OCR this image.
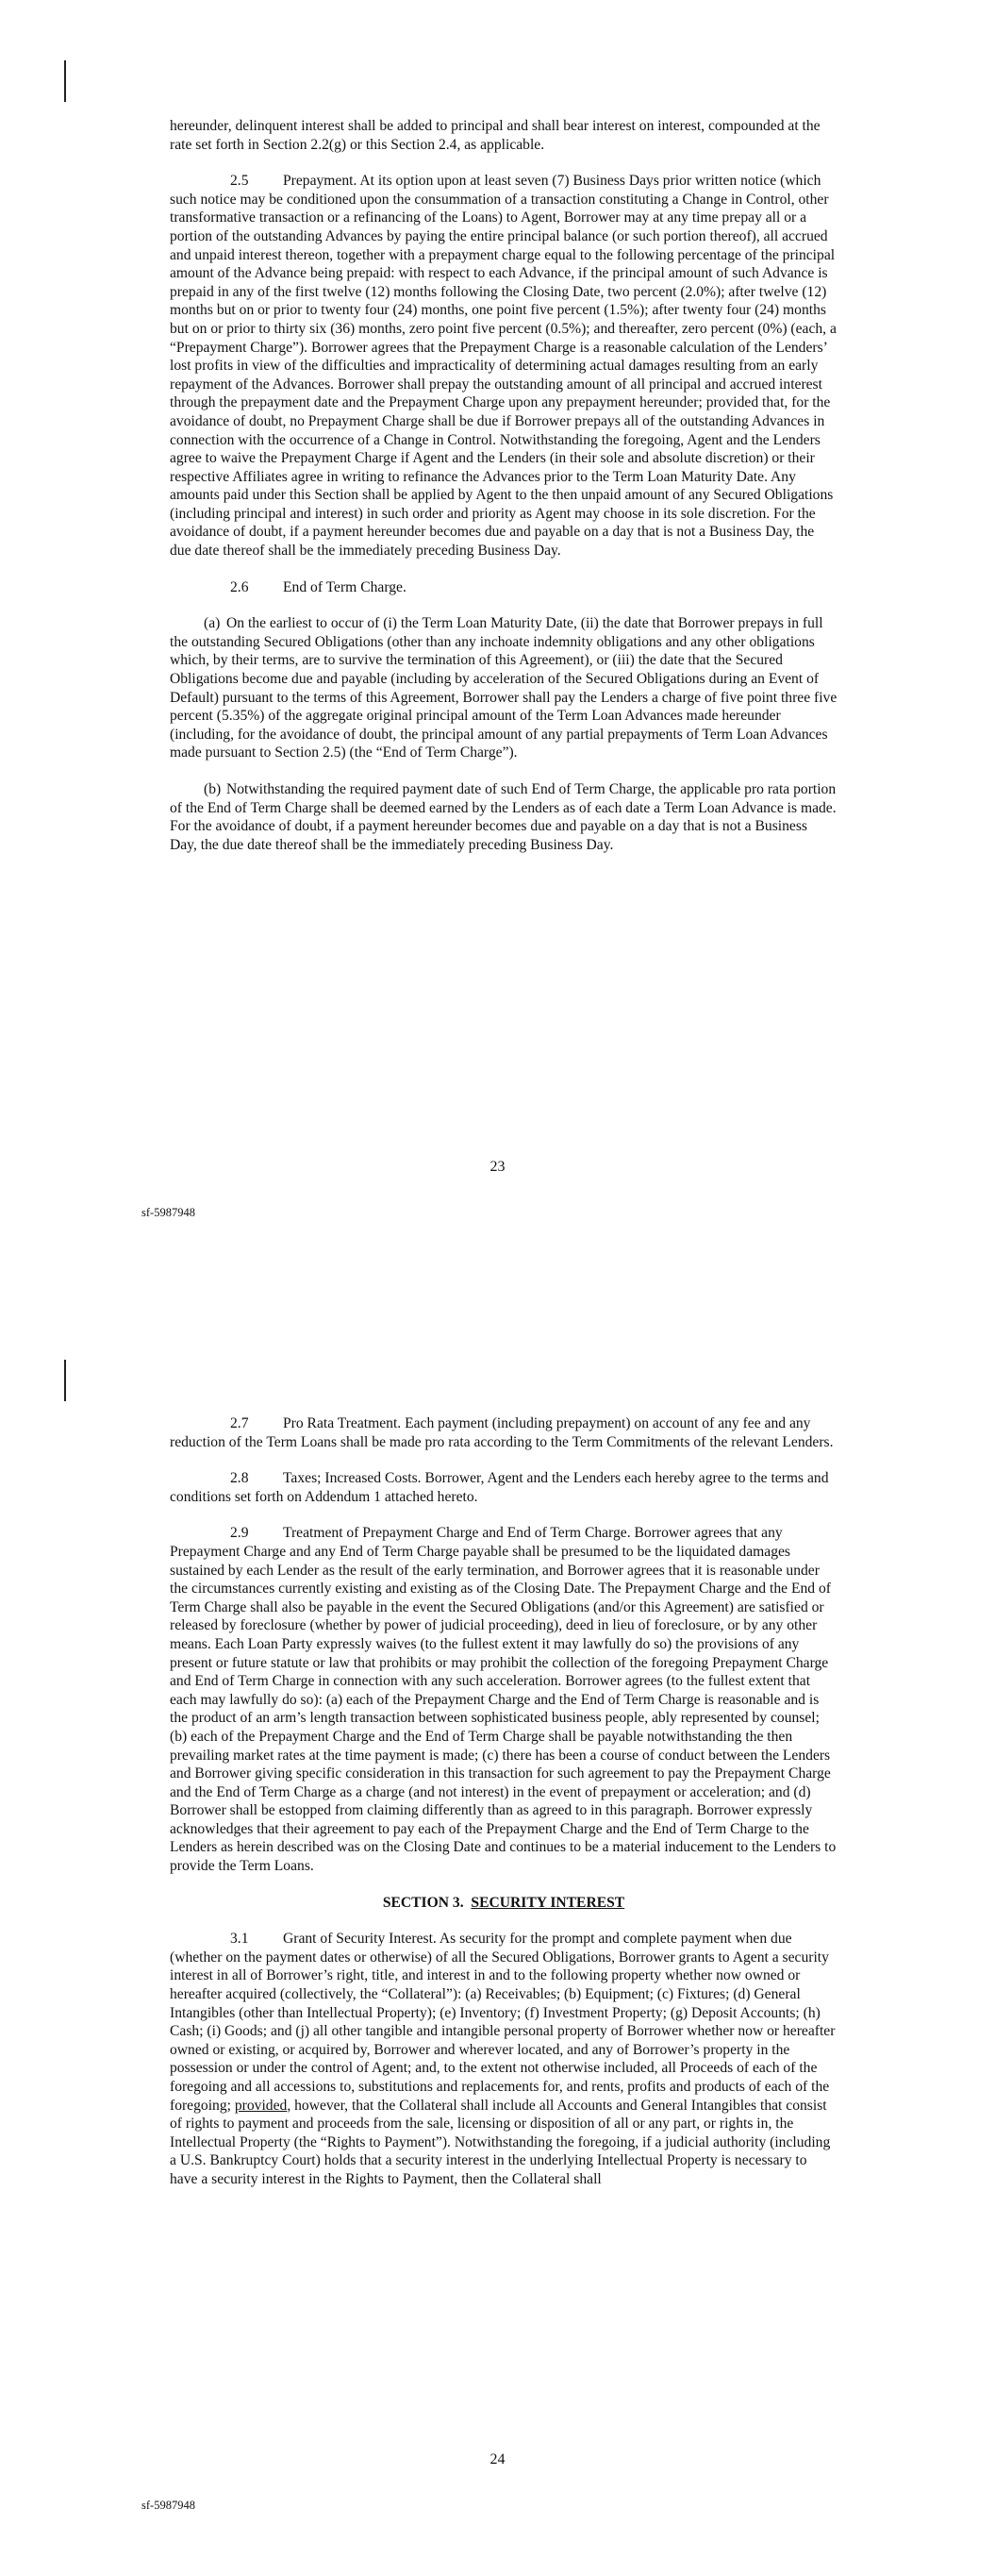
hereunder, delinquent interest shall be added to principal and shall bear interest on interest, compounded at the rate set forth in Section 2.2(g) or this Section 2.4, as applicable.

2.5 Prepayment. At its option upon at least seven (7) Business Days prior written notice (which such notice may be conditioned upon the consummation of a transaction constituting a Change in Control, other transformative transaction or a refinancing of the Loans) to Agent, Borrower may at any time prepay all or a portion of the outstanding Advances by paying the entire principal balance (or such portion thereof), all accrued and unpaid interest thereon, together with a prepayment charge equal to the following percentage of the principal amount of the Advance being prepaid: with respect to each Advance, if the principal amount of such Advance is prepaid in any of the first twelve (12) months following the Closing Date, two percent (2.0%); after twelve (12) months but on or prior to twenty four (24) months, one point five percent (1.5%); after twenty four (24) months but on or prior to thirty six (36) months, zero point five percent (0.5%); and thereafter, zero percent (0%) (each, a “Prepayment Charge”). Borrower agrees that the Prepayment Charge is a reasonable calculation of the Lenders’ lost profits in view of the difficulties and impracticality of determining actual damages resulting from an early repayment of the Advances. Borrower shall prepay the outstanding amount of all principal and accrued interest through the prepayment date and the Prepayment Charge upon any prepayment hereunder; provided that, for the avoidance of doubt, no Prepayment Charge shall be due if Borrower prepays all of the outstanding Advances in connection with the occurrence of a Change in Control. Notwithstanding the foregoing, Agent and the Lenders agree to waive the Prepayment Charge if Agent and the Lenders (in their sole and absolute discretion) or their respective Affiliates agree in writing to refinance the Advances prior to the Term Loan Maturity Date. Any amounts paid under this Section shall be applied by Agent to the then unpaid amount of any Secured Obligations (including principal and interest) in such order and priority as Agent may choose in its sole discretion. For the avoidance of doubt, if a payment hereunder becomes due and payable on a day that is not a Business Day, the due date thereof shall be the immediately preceding Business Day.

2.6 End of Term Charge.

(a) On the earliest to occur of (i) the Term Loan Maturity Date, (ii) the date that Borrower prepays in full the outstanding Secured Obligations (other than any inchoate indemnity obligations and any other obligations which, by their terms, are to survive the termination of this Agreement), or (iii) the date that the Secured Obligations become due and payable (including by acceleration of the Secured Obligations during an Event of Default) pursuant to the terms of this Agreement, Borrower shall pay the Lenders a charge of five point three five percent (5.35%) of the aggregate original principal amount of the Term Loan Advances made hereunder (including, for the avoidance of doubt, the principal amount of any partial prepayments of Term Loan Advances made pursuant to Section 2.5) (the “End of Term Charge”).

(b) Notwithstanding the required payment date of such End of Term Charge, the applicable pro rata portion of the End of Term Charge shall be deemed earned by the Lenders as of each date a Term Loan Advance is made. For the avoidance of doubt, if a payment hereunder becomes due and payable on a day that is not a Business Day, the due date thereof shall be the immediately preceding Business Day.

23
sf-5987948

2.7 Pro Rata Treatment. Each payment (including prepayment) on account of any fee and any reduction of the Term Loans shall be made pro rata according to the Term Commitments of the relevant Lenders.

2.8 Taxes; Increased Costs. Borrower, Agent and the Lenders each hereby agree to the terms and conditions set forth on Addendum 1 attached hereto.

2.9 Treatment of Prepayment Charge and End of Term Charge. Borrower agrees that any Prepayment Charge and any End of Term Charge payable shall be presumed to be the liquidated damages sustained by each Lender as the result of the early termination, and Borrower agrees that it is reasonable under the circumstances currently existing and existing as of the Closing Date. The Prepayment Charge and the End of Term Charge shall also be payable in the event the Secured Obligations (and/or this Agreement) are satisfied or released by foreclosure (whether by power of judicial proceeding), deed in lieu of foreclosure, or by any other means. Each Loan Party expressly waives (to the fullest extent it may lawfully do so) the provisions of any present or future statute or law that prohibits or may prohibit the collection of the foregoing Prepayment Charge and End of Term Charge in connection with any such acceleration. Borrower agrees (to the fullest extent that each may lawfully do so): (a) each of the Prepayment Charge and the End of Term Charge is reasonable and is the product of an arm’s length transaction between sophisticated business people, ably represented by counsel; (b) each of the Prepayment Charge and the End of Term Charge shall be payable notwithstanding the then prevailing market rates at the time payment is made; (c) there has been a course of conduct between the Lenders and Borrower giving specific consideration in this transaction for such agreement to pay the Prepayment Charge and the End of Term Charge as a charge (and not interest) in the event of prepayment or acceleration; and (d) Borrower shall be estopped from claiming differently than as agreed to in this paragraph. Borrower expressly acknowledges that their agreement to pay each of the Prepayment Charge and the End of Term Charge to the Lenders as herein described was on the Closing Date and continues to be a material inducement to the Lenders to provide the Term Loans.

SECTION 3. SECURITY INTEREST

3.1 Grant of Security Interest. As security for the prompt and complete payment when due (whether on the payment dates or otherwise) of all the Secured Obligations, Borrower grants to Agent a security interest in all of Borrower’s right, title, and interest in and to the following property whether now owned or hereafter acquired (collectively, the “Collateral”): (a) Receivables; (b) Equipment; (c) Fixtures; (d) General Intangibles (other than Intellectual Property); (e) Inventory; (f) Investment Property; (g) Deposit Accounts; (h) Cash; (i) Goods; and (j) all other tangible and intangible personal property of Borrower whether now or hereafter owned or existing, or acquired by, Borrower and wherever located, and any of Borrower’s property in the possession or under the control of Agent; and, to the extent not otherwise included, all Proceeds of each of the foregoing and all accessions to, substitutions and replacements for, and rents, profits and products of each of the foregoing; provided, however, that the Collateral shall include all Accounts and General Intangibles that consist of rights to payment and proceeds from the sale, licensing or disposition of all or any part, or rights in, the Intellectual Property (the “Rights to Payment”). Notwithstanding the foregoing, if a judicial authority (including a U.S. Bankruptcy Court) holds that a security interest in the underlying Intellectual Property is necessary to have a security interest in the Rights to Payment, then the Collateral shall

24
sf-5987948
